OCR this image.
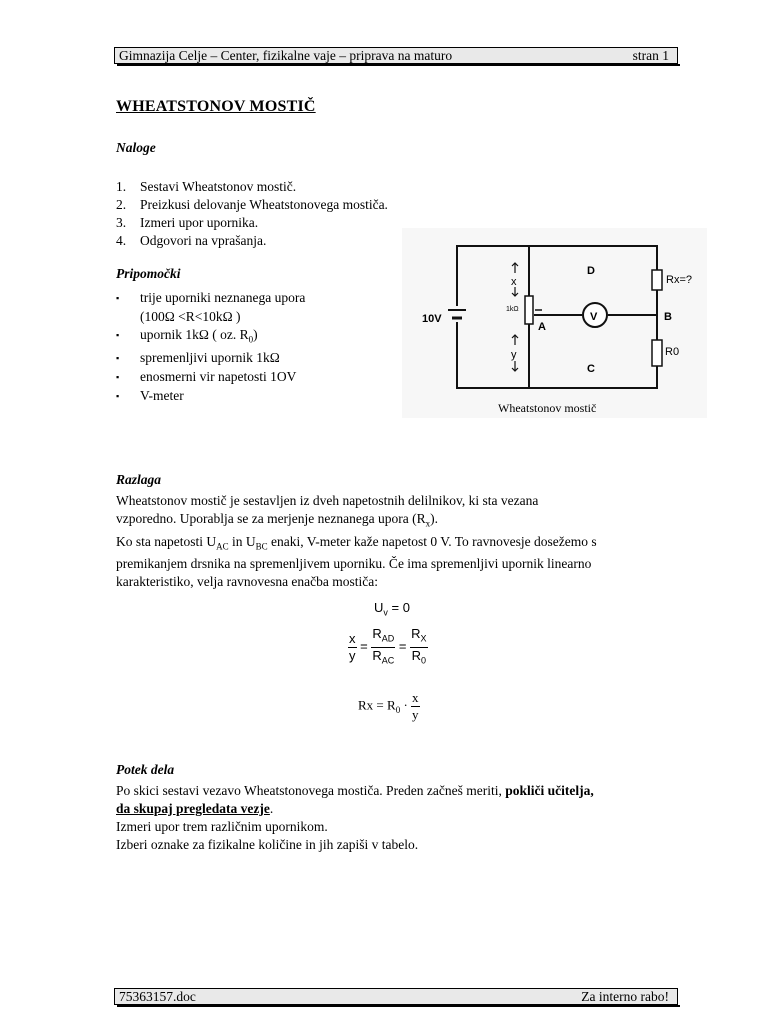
Gimnazija Celje – Center, fizikalne vaje – priprava na maturo	stran 1
WHEATSTONOV MOSTIČ
Naloge
1. Sestavi Wheatstonov mostič.
2. Preizkusi delovanje Wheatstonovega mostiča.
3. Izmeri upor upornika.
4. Odgovori na vprašanja.
Pripomočki
▪ trije uporniki neznanega upora
(100Ω <R<10kΩ )
▪ upornik 1kΩ ( oz. $R_0$)
▪ spremenljivi upornik 1kΩ
▪ enosmerni vir napetosti 1OV
▪ V-meter
10V
1kΩ
x
y
A
D
C
B
V
Rx=?
R0
Wheatstonov mostič
Razlaga
Wheatstonov mostič je sestavljen iz dveh napetostnih delilnikov, ki sta vezana
vzporedno. Uporablja se za merjenje neznanega upora $(R_x)$.
Ko sta napetosti $U_{AC}$ in $U_{BC}$ enaki, V-meter kaže napetost 0 V. To ravnovesje dosežemo s
premikanjem drsnika na spremenljivem uporniku. Če ima spremenljivi upornik linearno
karakteristiko, velja ravnovesna enačba mostiča:
$U_v = 0$
$\frac{x}{y} = \frac{R_{AD}}{R_{AC}} = \frac{R_X}{R_0}$
$Rx = R_0 \cdot \frac{x}{y}$
Potek dela
Po skici sestavi vezavo Wheatstonovega mostiča. Preden začneš meriti, pokliči učitelja,
da skupaj pregledata vezje.
Izmeri upor trem različnim upornikom.
Izberi oznake za fizikalne količine in jih zapiši v tabelo.
75363157.doc	Za interno rabo!
